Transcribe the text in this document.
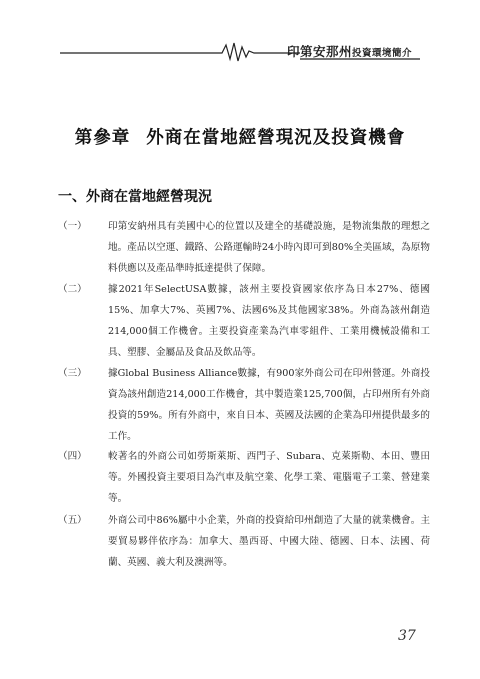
印第安那州投資環境簡介
第參章 外商在當地經營現況及投資機會
一、外商在當地經營現況
（一） 印第安納州具有美國中心的位置以及建全的基礎設施，是物流集散的理想之地。產品以空運、鐵路、公路運輸時24小時內即可到80%全美區域，為原物料供應以及產品準時抵達提供了保障。
（二） 據2021年SelectUSA數據，該州主要投資國家依序為日本27%、德國15%、加拿大7%、英國7%、法國6%及其他國家38%。外商為該州創造214,000個工作機會。主要投資產業為汽車零組件、工業用機械設備和工具、塑膠、金屬品及食品及飲品等。
（三） 據Global Business Alliance數據，有900家外商公司在印州營運。外商投資為該州創造214,000工作機會，其中製造業125,700個，占印州所有外商投資的59%。所有外商中，來自日本、英國及法國的企業為印州提供最多的工作。
（四） 較著名的外商公司如勞斯萊斯、西門子、Subara、克萊斯勒、本田、豐田等。外國投資主要項目為汽車及航空業、化學工業、電腦電子工業、營建業等。
（五） 外商公司中86%屬中小企業，外商的投資給印州創造了大量的就業機會。主要貿易夥伴依序為：加拿大、墨西哥、中國大陸、德國、日本、法國、荷蘭、英國、義大利及澳洲等。
37
